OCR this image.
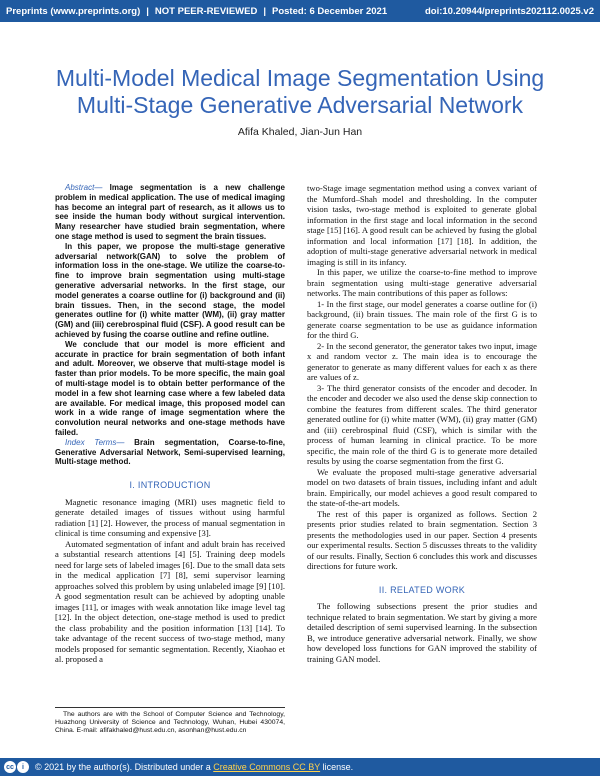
Preprints (www.preprints.org) | NOT PEER-REVIEWED | Posted: 6 December 2021	doi:10.20944/preprints202112.0025.v2
Multi-Model Medical Image Segmentation Using
Multi-Stage Generative Adversarial Network
Afifa Khaled, Jian-Jun Han

Abstract— Image segmentation is a new challenge problem in medical application. The use of medical imaging has become an integral part of research, as it allows us to see inside the human body without surgical intervention. Many researcher have studied brain segmentation, where one stage method is used to segment the brain tissues.

In this paper, we propose the multi-stage generative adversarial network(GAN) to solve the problem of information loss in the one-stage. We utilize the coarse-to-fine to improve brain segmentation using multi-stage generative adversarial networks. In the first stage, our model generates a coarse outline for (i) background and (ii) brain tissues. Then, in the second stage, the model generates outline for (i) white matter (WM), (ii) gray matter (GM) and (iii) cerebrospinal fluid (CSF). A good result can be achieved by fusing the coarse outline and refine outline.

We conclude that our model is more efficient and accurate in practice for brain segmentation of both infant and adult. Moreover, we observe that multi-stage model is faster than prior models. To be more specific, the main goal of multi-stage model is to obtain better performance of the model in a few shot learning case where a few labeled data are available. For medical image, this proposed model can work in a wide range of image segmentation where the convolution neural networks and one-stage methods have failed.

Index Terms— Brain segmentation, Coarse-to-fine, Generative Adversarial Network, Semi-supervised learning, Multi-stage method.

I. INTRODUCTION

Magnetic resonance imaging (MRI) uses magnetic field to generate detailed images of tissues without using harmful radiation [1] [2]. However, the process of manual segmentation in clinical is time consuming and expensive [3].

Automated segmentation of infant and adult brain has received a substantial research attentions [4] [5]. Training deep models need for large sets of labeled images [6]. Due to the small data sets in the medical application [7] [8], semi supervisor learning approaches solved this problem by using unlabeled image [9] [10]. A good segmentation result can be achieved by adopting unable images [11], or images with weak annotation like image level tag [12]. In the object detection, one-stage method is used to predict the class probability and the position information [13] [14]. To take advantage of the recent success of two-stage method, many models proposed for semantic segmentation. Recently, Xiaohao et al. proposed a

two-Stage image segmentation method using a convex variant of the Mumford–Shah model and thresholding. In the computer vision tasks, two-stage method is exploited to generate global information in the first stage and local information in the second stage [15] [16]. A good result can be achieved by fusing the global information and local information [17] [18]. In addition, the adoption of multi-stage generative adversarial network in medical imaging is still in its infancy.

In this paper, we utilize the coarse-to-fine method to improve brain segmentation using multi-stage generative adversarial networks. The main contributions of this paper as follows:

1- In the first stage, our model generates a coarse outline for (i) background, (ii) brain tissues. The main role of the first G is to generate coarse segmentation to be use as guidance information for the third G.

2- In the second generator, the generator takes two input, image x and random vector z. The main idea is to encourage the generator to generate as many different values for each x as there are values of z.

3- The third generator consists of the encoder and decoder. In the encoder and decoder we also used the dense skip connection to combine the features from different scales. The third generator generated outline for (i) white matter (WM), (ii) gray matter (GM) and (iii) cerebrospinal fluid (CSF), which is similar with the process of human learning in clinical practice. To be more specific, the main role of the third G is to generate more detailed results by using the coarse segmentation from the first G.

We evaluate the proposed multi-stage generative adversarial model on two datasets of brain tissues, including infant and adult brain. Empirically, our model achieves a good result compared to the state-of-the-art models.

The rest of this paper is organized as follows. Section 2 presents prior studies related to brain segmentation. Section 3 presents the methodologies used in our paper. Section 4 presents our experimental results. Section 5 discusses threats to the validity of our results. Finally, Section 6 concludes this work and discusses directions for future work.

II. RELATED WORK

The following subsections present the prior studies and technique related to brain segmentation. We start by giving a more detailed description of semi supervised learning. In the subsection B, we introduce generative adversarial network. Finally, we show how developed loss functions for GAN improved the stability of training GAN model.

The authors are with the School of Computer Science and Technology, Huazhong University of Science and Technology, Wuhan, Hubei 430074, China. E-mail: afifakhaled@hust.edu.cn, asonhan@hust.edu.cn
cc	i	© 2021 by the author(s). Distributed under a Creative Commons CC BY license.
